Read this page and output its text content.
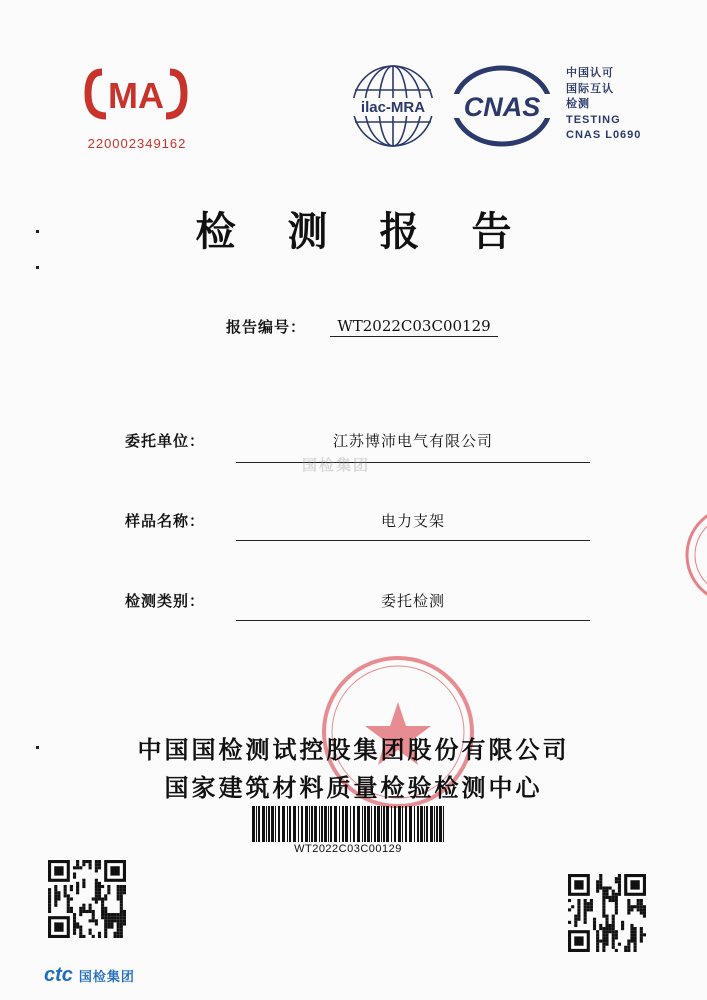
MA
220002349162
ilac-MRA CNAS
中国认可
国际互认
检测
TESTING
CNAS L0690
检测报告
报告编号：	WT2022C03C00129
委托单位：	江苏博沛电气有限公司
国检集团
样品名称：	电力支架
检测类别：	委托检测
中国国检测试控股集团股份有限公司
国家建筑材料质量检验检测中心
WT2022C03C00129
ctc 国检集团
